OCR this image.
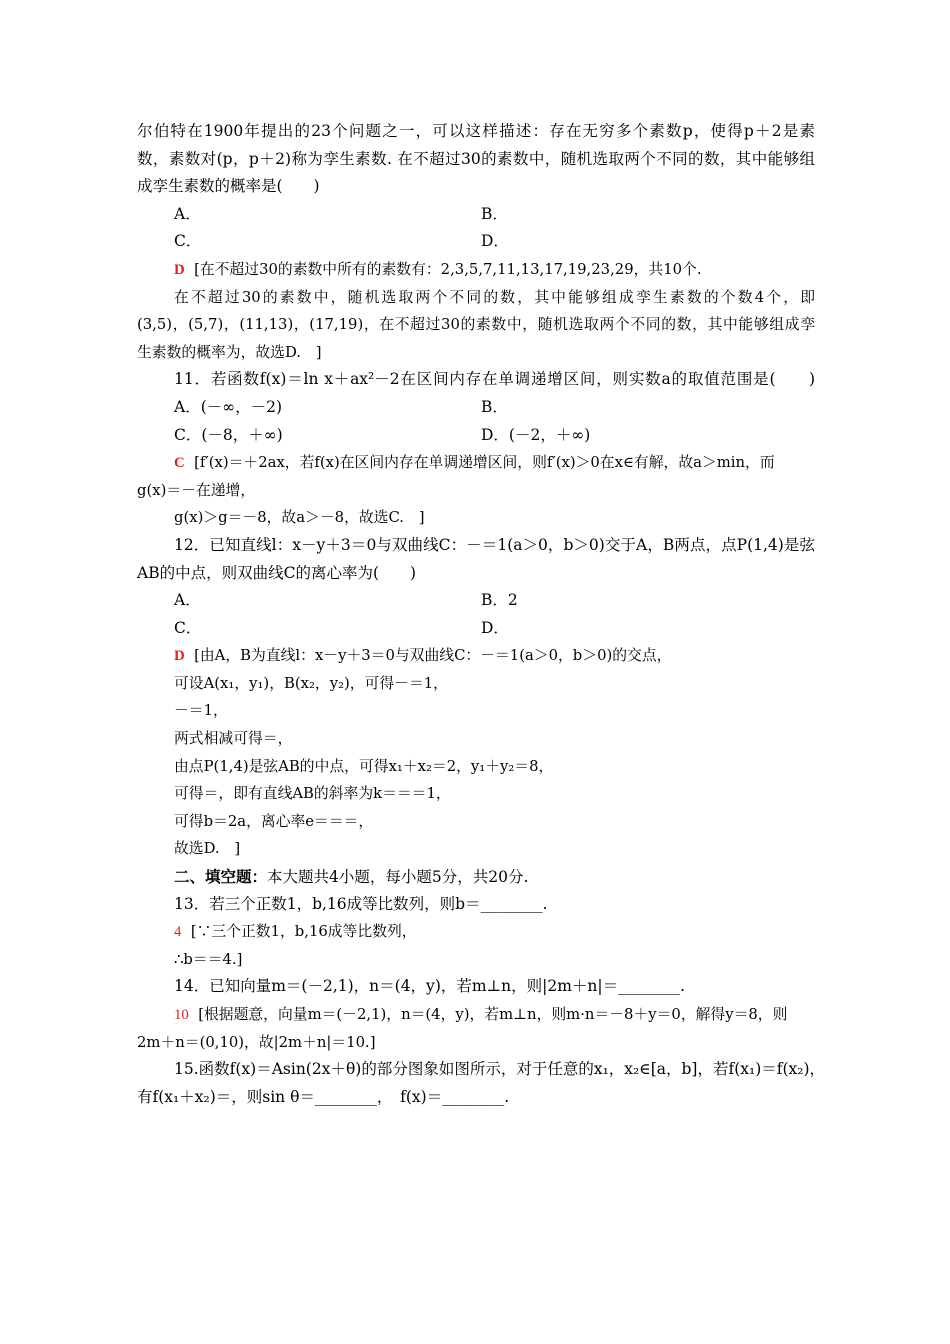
尔伯特在1900年提出的23个问题之一，可以这样描述：存在无穷多个素数p，使得p＋2是素
数，素数对(p，p＋2)称为孪生素数. 在不超过30的素数中，随机选取两个不同的数，其中能够组
成孪生素数的概率是(　　)
A．	B．
C．	D．
D [在不超过30的素数中所有的素数有：2,3,5,7,11,13,17,19,23,29，共10个.
在不超过30的素数中，随机选取两个不同的数，其中能够组成孪生素数的个数4个，即
(3,5)，(5,7)，(11,13)，(17,19)，在不超过30的素数中，随机选取两个不同的数，其中能够组成孪
生素数的概率为，故选D.　]
11．若函数f(x)＝ln x＋ax²－2在区间内存在单调递增区间，则实数a的取值范围是(　　)
A．(－∞，－2)	B．
C．(－8，＋∞)	D．(－2，＋∞)
C [f′(x)＝＋2ax，若f(x)在区间内存在单调递增区间，则f′(x)＞0在x∈有解，故a＞min，而
g(x)＝－在递增，
g(x)＞g＝－8，故a＞－8，故选C.　]
12．已知直线l：x－y＋3＝0与双曲线C：－＝1(a＞0，b＞0)交于A，B两点，点P(1,4)是弦
AB的中点，则双曲线C的离心率为(　　)
A．	B．2
C．	D．
D [由A，B为直线l：x－y＋3＝0与双曲线C：－＝1(a＞0，b＞0)的交点，
可设A(x₁，y₁)，B(x₂，y₂)，可得－＝1，
－＝1，
两式相减可得＝，
由点P(1,4)是弦AB的中点，可得x₁＋x₂＝2，y₁＋y₂＝8，
可得＝，即有直线AB的斜率为k＝＝＝1，
可得b＝2a，离心率e＝＝＝，
故选D.　]
二、填空题：本大题共4小题，每小题5分，共20分.
13．若三个正数1，b,16成等比数列，则b＝________.
4 [∵三个正数1，b,16成等比数列，
∴b＝＝4.]
14．已知向量m＝(－2,1)，n＝(4，y)，若m⊥n，则|2m＋n|＝________.
10 [根据题意，向量m＝(－2,1)，n＝(4，y)，若m⊥n，则m·n＝－8＋y＝0，解得y＝8，则
2m＋n＝(0,10)，故|2m＋n|＝10.]
15.函数f(x)＝Asin(2x＋θ)的部分图象如图所示，对于任意的x₁，x₂∈[a，b]，若f(x₁)＝f(x₂)，
有f(x₁＋x₂)＝，则sin θ＝________，　f(x)＝________.
